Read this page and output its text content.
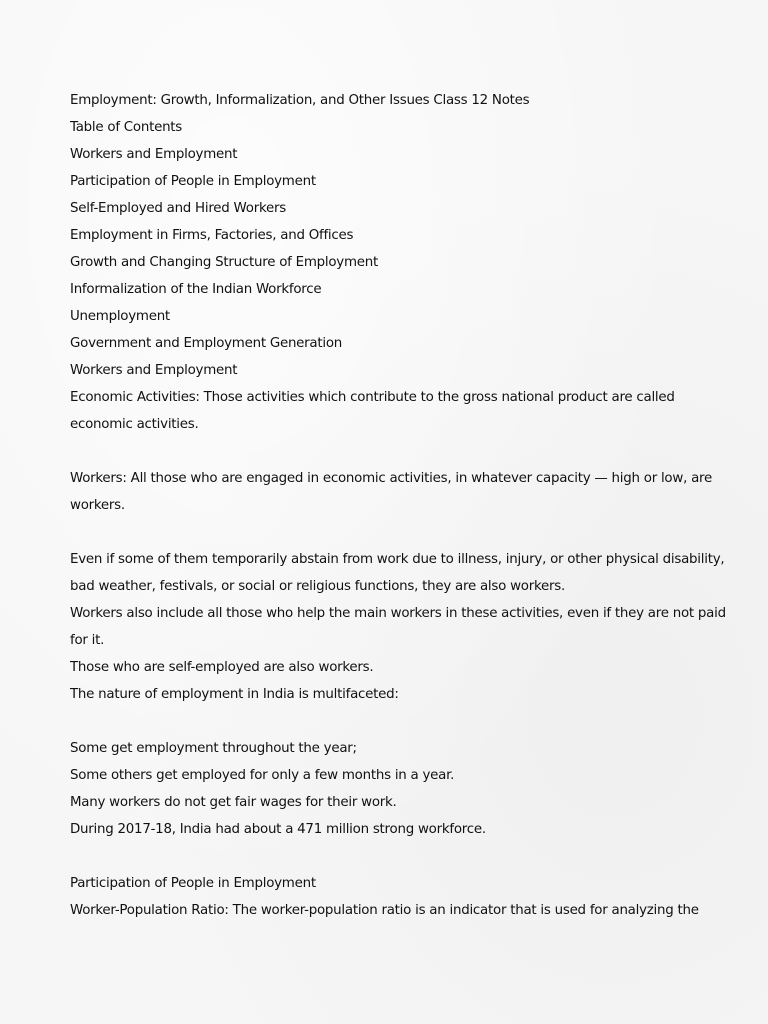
Employment: Growth, Informalization, and Other Issues Class 12 Notes
Table of Contents
Workers and Employment
Participation of People in Employment
Self-Employed and Hired Workers
Employment in Firms, Factories, and Offices
Growth and Changing Structure of Employment
Informalization of the Indian Workforce
Unemployment
Government and Employment Generation
Workers and Employment
Economic Activities: Those activities which contribute to the gross national product are called
economic activities.
Workers: All those who are engaged in economic activities, in whatever capacity — high or low, are
workers.
Even if some of them temporarily abstain from work due to illness, injury, or other physical disability,
bad weather, festivals, or social or religious functions, they are also workers.
Workers also include all those who help the main workers in these activities, even if they are not paid
for it.
Those who are self-employed are also workers.
The nature of employment in India is multifaceted:
Some get employment throughout the year;
Some others get employed for only a few months in a year.
Many workers do not get fair wages for their work.
During 2017-18, India had about a 471 million strong workforce.
Participation of People in Employment
Worker-Population Ratio: The worker-population ratio is an indicator that is used for analyzing the
